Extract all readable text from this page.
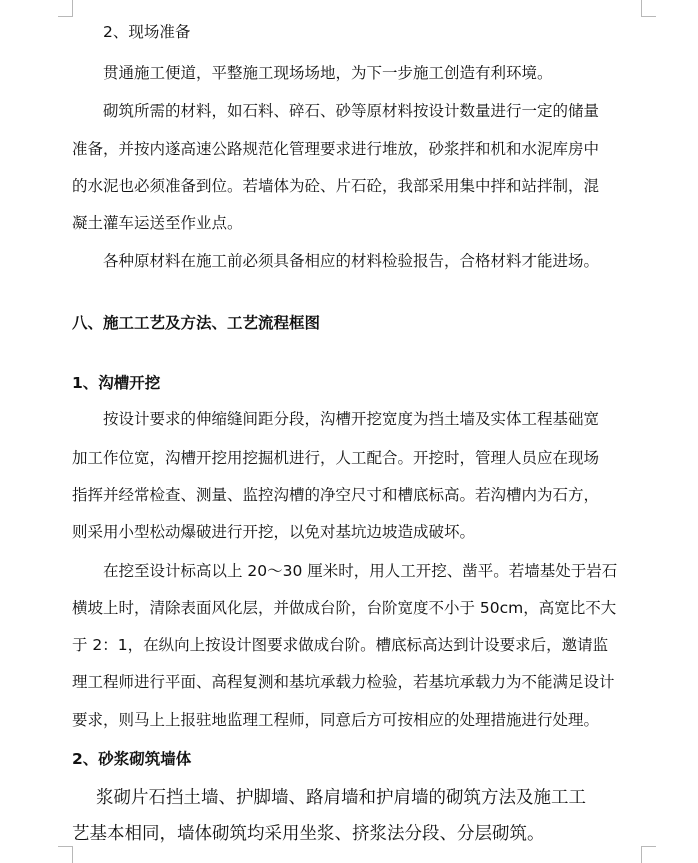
2、现场准备
贯通施工便道，平整施工现场场地，为下一步施工创造有利环境。
砌筑所需的材料，如石料、碎石、砂等原材料按设计数量进行一定的储量
准备，并按内遂高速公路规范化管理要求进行堆放，砂浆拌和机和水泥库房中
的水泥也必须准备到位。若墙体为砼、片石砼，我部采用集中拌和站拌制，混
凝土灌车运送至作业点。
各种原材料在施工前必须具备相应的材料检验报告，合格材料才能进场。
八、施工工艺及方法、工艺流程框图
1、沟槽开挖
按设计要求的伸缩缝间距分段，沟槽开挖宽度为挡土墙及实体工程基础宽
加工作位宽，沟槽开挖用挖掘机进行，人工配合。开挖时，管理人员应在现场
指挥并经常检查、测量、监控沟槽的净空尺寸和槽底标高。若沟槽内为石方，
则采用小型松动爆破进行开挖，以免对基坑边坡造成破坏。
在挖至设计标高以上 20～30 厘米时，用人工开挖、凿平。若墙基处于岩石
横坡上时，清除表面风化层，并做成台阶，台阶宽度不小于 50cm，高宽比不大
于 2：1，在纵向上按设计图要求做成台阶。槽底标高达到计设要求后，邀请监
理工程师进行平面、高程复测和基坑承载力检验，若基坑承载力为不能满足设计
要求，则马上上报驻地监理工程师，同意后方可按相应的处理措施进行处理。
2、砂浆砌筑墙体
浆砌片石挡土墙、护脚墙、路肩墙和护肩墙的砌筑方法及施工工
艺基本相同，墙体砌筑均采用坐浆、挤浆法分段、分层砌筑。
